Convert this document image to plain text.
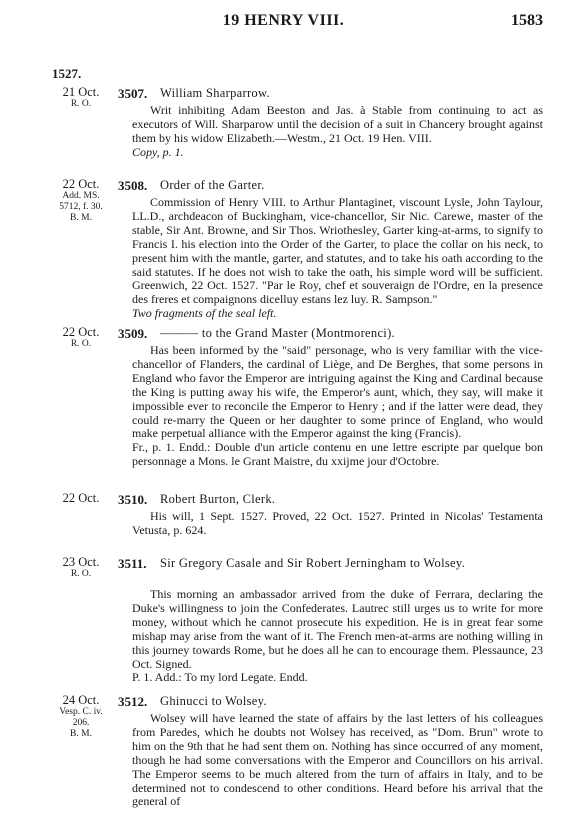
19 HENRY VIII.	1583
1527.
21 Oct.
R. O.
3507. William Sharparrow.

Writ inhibiting Adam Beeston and Jas. à Stable from continuing to act as executors of Will. Sharparow until the decision of a suit in Chancery brought against them by his widow Elizabeth.—Westm., 21 Oct. 19 Hen. VIII.

Copy, p. 1.

22 Oct.
Add. MS.
5712, f. 30.
B. M.
3508. Order of the Garter.

Commission of Henry VIII. to Arthur Plantaginet, viscount Lysle, John Taylour, LL.D., archdeacon of Buckingham, vice-chancellor, Sir Nic. Carewe, master of the stable, Sir Ant. Browne, and Sir Thos. Wriothesley, Garter king-at-arms, to signify to Francis I. his election into the Order of the Garter, to place the collar on his neck, to present him with the mantle, garter, and statutes, and to take his oath according to the said statutes. If he does not wish to take the oath, his simple word will be sufficient. Greenwich, 22 Oct. 1527. "Par le Roy, chef et souveraign de l'Ordre, en la presence des freres et compaignons dicelluy estans lez luy. R. Sampson."

Two fragments of the seal left.

22 Oct.
R. O.
3509. ——— to the Grand Master (Montmorenci).

Has been informed by the "said" personage, who is very familiar with the vice-chancellor of Flanders, the cardinal of Liège, and De Berghes, that some persons in England who favor the Emperor are intriguing against the King and Cardinal because the King is putting away his wife, the Emperor's aunt, which, they say, will make it impossible ever to reconcile the Emperor to Henry ; and if the latter were dead, they could re-marry the Queen or her daughter to some prince of England, who would make perpetual alliance with the Emperor against the king (Francis).

Fr., p. 1. Endd.: Double d'un article contenu en une lettre escripte par quelque bon personnage a Mons. le Grant Maistre, du xxijme jour d'Octobre.

22 Oct.	3510. Robert Burton, Clerk.

His will, 1 Sept. 1527. Proved, 22 Oct. 1527. Printed in Nicolas' Testamenta Vetusta, p. 624.

23 Oct.
R. O.
3511. Sir Gregory Casale and Sir Robert Jerningham to Wolsey.

This morning an ambassador arrived from the duke of Ferrara, declaring the Duke's willingness to join the Confederates. Lautrec still urges us to write for more money, without which he cannot prosecute his expedition. He is in great fear some mishap may arise from the want of it. The French men-at-arms are nothing willing in this journey towards Rome, but he does all he can to encourage them. Plessaunce, 23 Oct. Signed.

P. 1. Add.: To my lord Legate. Endd.

24 Oct.
Vesp. C. iv.
206.
B. M.
3512. Ghinucci to Wolsey.

Wolsey will have learned the state of affairs by the last letters of his colleagues from Paredes, which he doubts not Wolsey has received, as "Dom. Brun" wrote to him on the 9th that he had sent them on. Nothing has since occurred of any moment, though he had some conversations with the Emperor and Councillors on his arrival. The Emperor seems to be much altered from the turn of affairs in Italy, and to be determined not to condescend to other conditions. Heard before his arrival that the general of
